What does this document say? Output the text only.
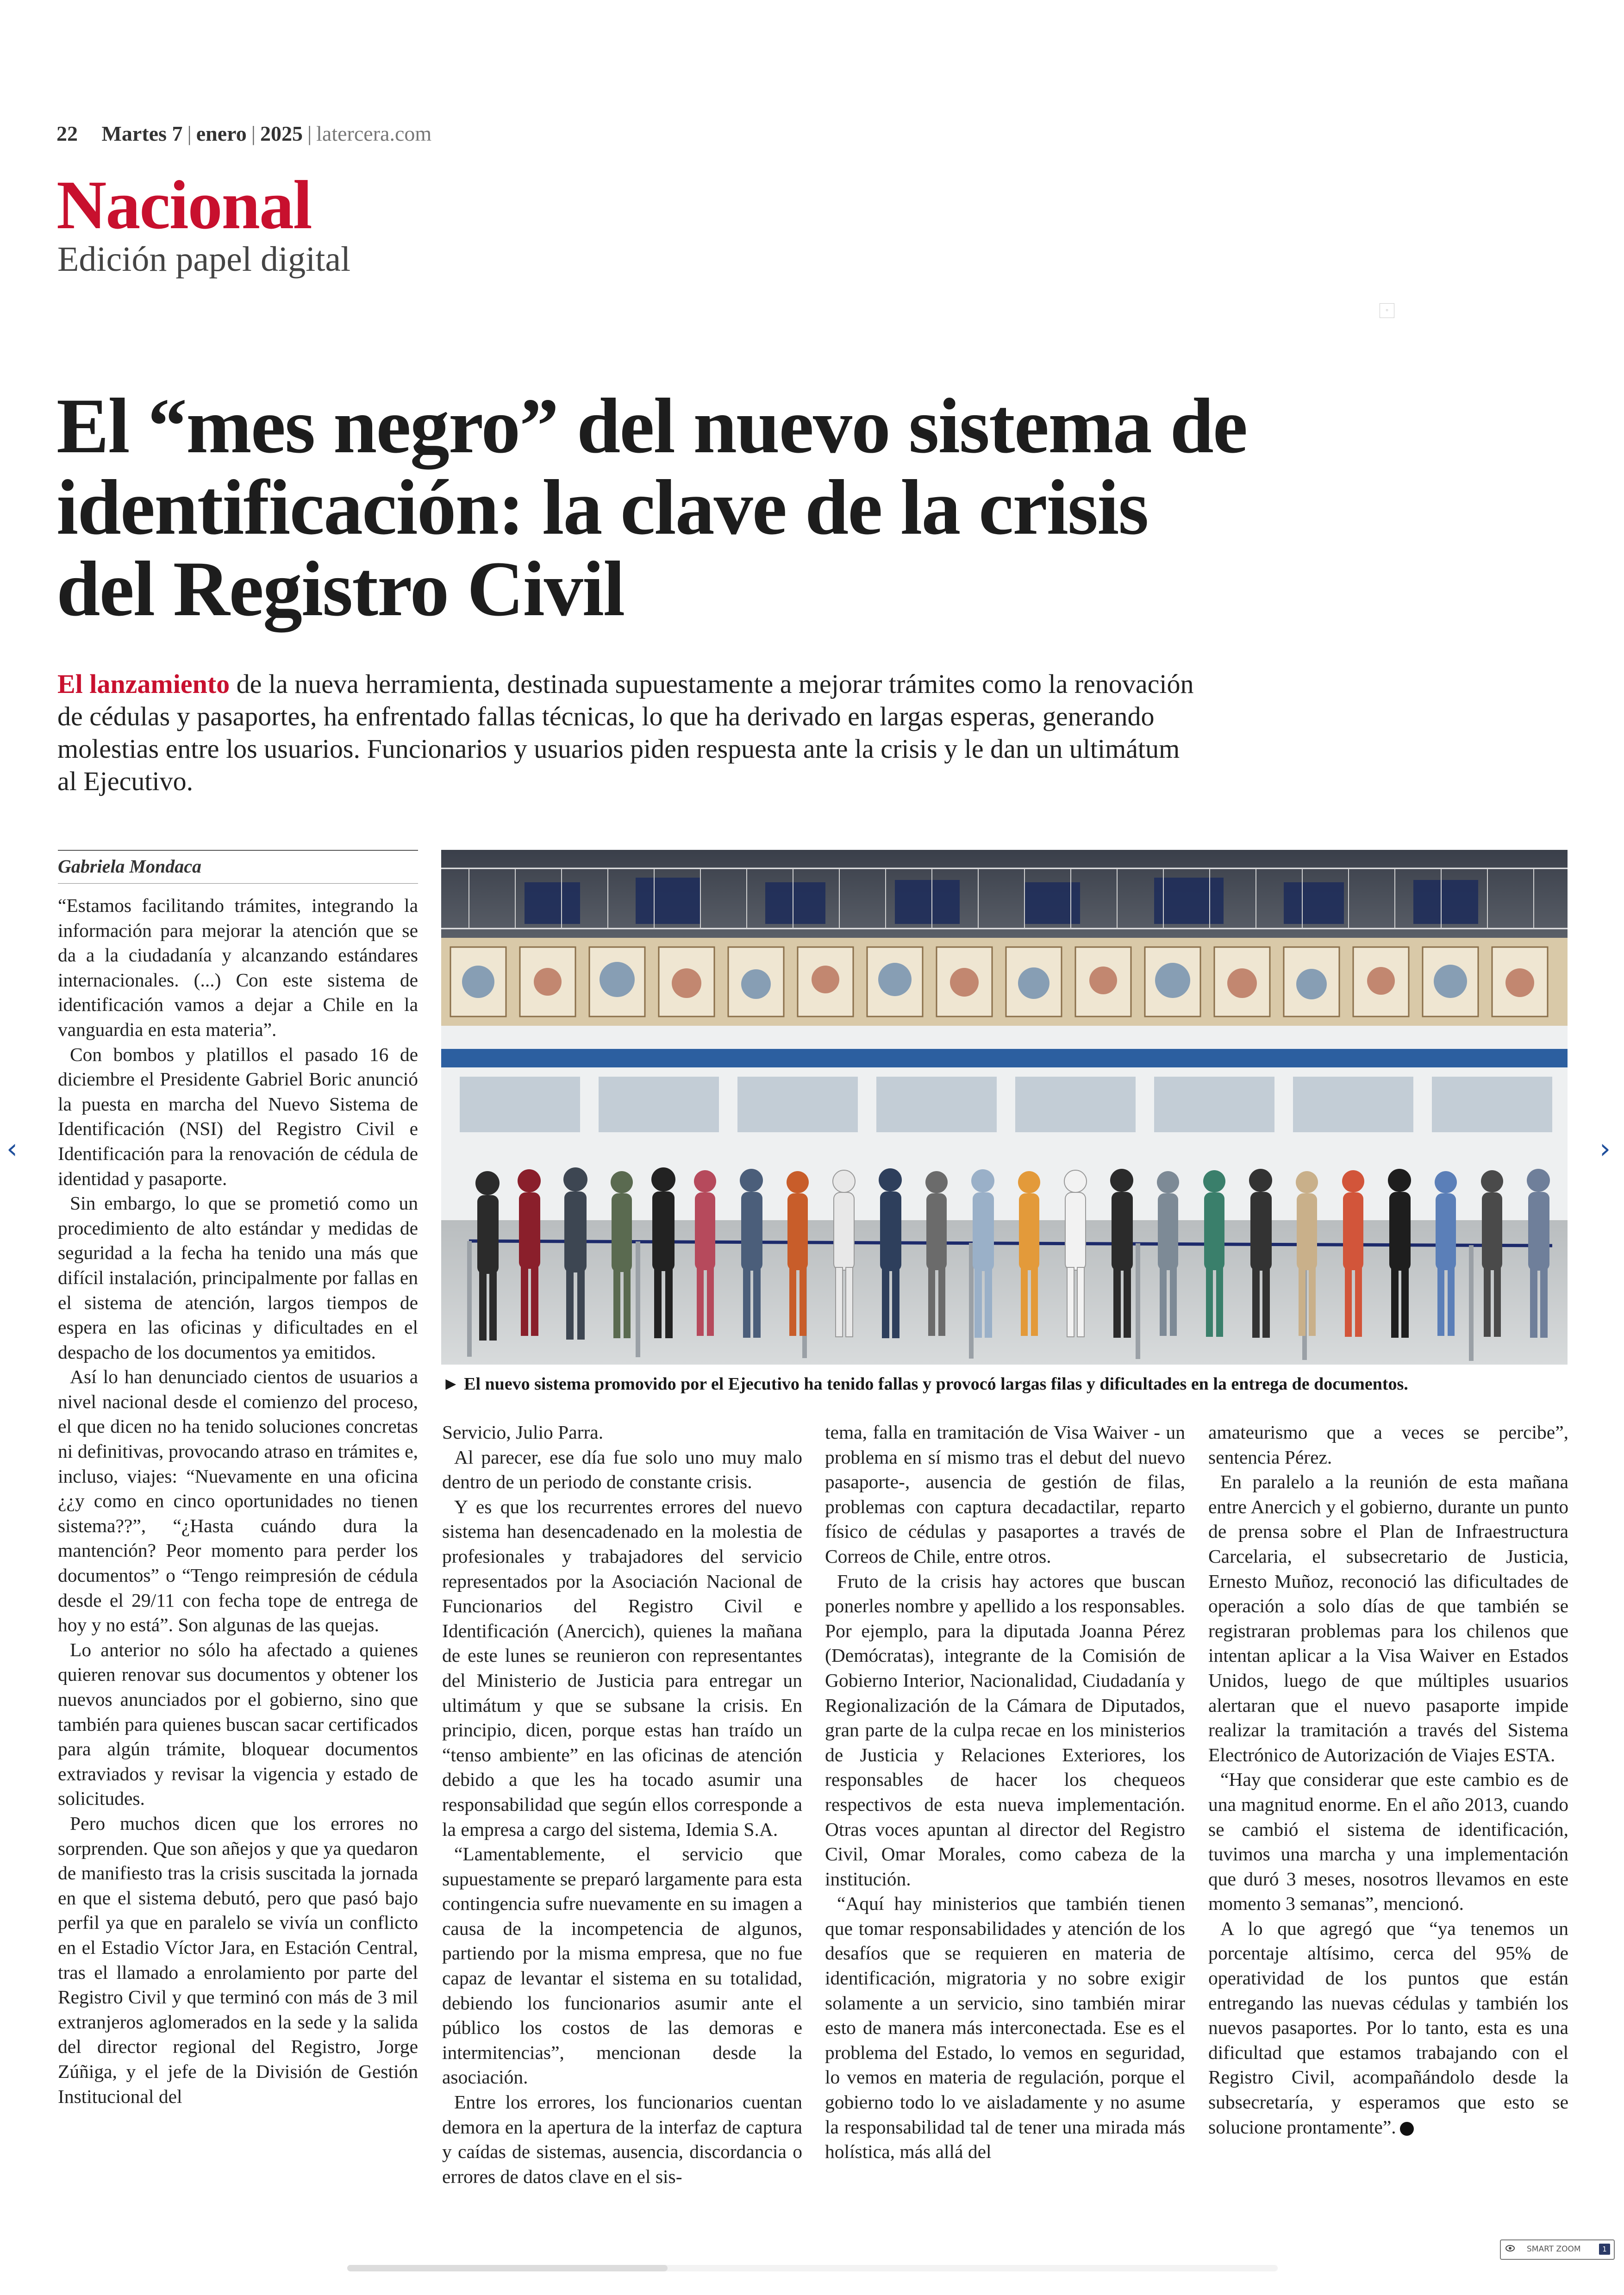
22 Martes 7 | enero | 2025 | latercera.com
Nacional
Edición papel digital
▫
El “mes negro” del nuevo sistema de identificación: la clave de la crisis del Registro Civil
El lanzamiento de la nueva herramienta, destinada supuestamente a mejorar trámites como la renovación de cédulas y pasaportes, ha enfrentado fallas técnicas, lo que ha derivado en largas esperas, generando molestias entre los usuarios. Funcionarios y usuarios piden respuesta ante la crisis y le dan un ultimátum al Ejecutivo.
Gabriela Mondaca

“Estamos facilitando trámites, integrando la información para mejorar la atención que se da a la ciudadanía y alcanzando estándares internacionales. (...) Con este sistema de identificación vamos a dejar a Chile en la vanguardia en esta materia”.

Con bombos y platillos el pasado 16 de diciembre el Presidente Gabriel Boric anunció la puesta en marcha del Nuevo Sistema de Identificación (NSI) del Registro Civil e Identificación para la renovación de cédula de identidad y pasaporte.

Sin embargo, lo que se prometió como un procedimiento de alto estándar y medidas de seguridad a la fecha ha tenido una más que difícil instalación, principalmente por fallas en el sistema de atención, largos tiempos de espera en las oficinas y dificultades en el despacho de los documentos ya emitidos.

Así lo han denunciado cientos de usuarios a nivel nacional desde el comienzo del proceso, el que dicen no ha tenido soluciones concretas ni definitivas, provocando atraso en trámites e, incluso, viajes: “Nuevamente en una oficina ¿¿y como en cinco oportunidades no tienen sistema??”, “¿Hasta cuándo dura la mantención? Peor momento para perder los documentos” o “Tengo reimpresión de cédula desde el 29/11 con fecha tope de entrega de hoy y no está”. Son algunas de las quejas.

Lo anterior no sólo ha afectado a quienes quieren renovar sus documentos y obtener los nuevos anunciados por el gobierno, sino que también para quienes buscan sacar certificados para algún trámite, bloquear documentos extraviados y revisar la vigencia y estado de solicitudes.

Pero muchos dicen que los errores no sorprenden. Que son añejos y que ya quedaron de manifiesto tras la crisis suscitada la jornada en que el sistema debutó, pero que pasó bajo perfil ya que en paralelo se vivía un conflicto en el Estadio Víctor Jara, en Estación Central, tras el llamado a enrolamiento por parte del Registro Civil y que terminó con más de 3 mil extranjeros aglomerados en la sede y la salida del director regional del Registro, Jorge Zúñiga, y el jefe de la División de Gestión Institucional del

► El nuevo sistema promovido por el Ejecutivo ha tenido fallas y provocó largas filas y dificultades en la entrega de documentos.

Servicio, Julio Parra.

Al parecer, ese día fue solo uno muy malo dentro de un periodo de constante crisis.

Y es que los recurrentes errores del nuevo sistema han desencadenado en la molestia de profesionales y trabajadores del servicio representados por la Asociación Nacional de Funcionarios del Registro Civil e Identificación (Anercich), quienes la mañana de este lunes se reunieron con representantes del Ministerio de Justicia para entregar un ultimátum y que se subsane la crisis. En principio, dicen, porque estas han traído un “tenso ambiente” en las oficinas de atención debido a que les ha tocado asumir una responsabilidad que según ellos corresponde a la empresa a cargo del sistema, Idemia S.A.

“Lamentablemente, el servicio que supuestamente se preparó largamente para esta contingencia sufre nuevamente en su imagen a causa de la incompetencia de algunos, partiendo por la misma empresa, que no fue capaz de levantar el sistema en su totalidad, debiendo los funcionarios asumir ante el público los costos de las demoras e intermitencias”, mencionan desde la asociación.

Entre los errores, los funcionarios cuentan demora en la apertura de la interfaz de captura y caídas de sistemas, ausencia, discordancia o errores de datos clave en el sis-

tema, falla en tramitación de Visa Waiver - un problema en sí mismo tras el debut del nuevo pasaporte-, ausencia de gestión de filas, problemas con captura decadactilar, reparto físico de cédulas y pasaportes a través de Correos de Chile, entre otros.

Fruto de la crisis hay actores que buscan ponerles nombre y apellido a los responsables. Por ejemplo, para la diputada Joanna Pérez (Demócratas), integrante de la Comisión de Gobierno Interior, Nacionalidad, Ciudadanía y Regionalización de la Cámara de Diputados, gran parte de la culpa recae en los ministerios de Justicia y Relaciones Exteriores, los responsables de hacer los chequeos respectivos de esta nueva implementación. Otras voces apuntan al director del Registro Civil, Omar Morales, como cabeza de la institución.

“Aquí hay ministerios que también tienen que tomar responsabilidades y atención de los desafíos que se requieren en materia de identificación, migratoria y no sobre exigir solamente a un servicio, sino también mirar esto de manera más interconectada. Ese es el problema del Estado, lo vemos en seguridad, lo vemos en materia de regulación, porque el gobierno todo lo ve aisladamente y no asume la responsabilidad tal de tener una mirada más holística, más allá del

amateurismo que a veces se percibe”, sentencia Pérez.

En paralelo a la reunión de esta mañana entre Anercich y el gobierno, durante un punto de prensa sobre el Plan de Infraestructura Carcelaria, el subsecretario de Justicia, Ernesto Muñoz, reconoció las dificultades de operación a solo días de que también se registraran problemas para los chilenos que intentan aplicar a la Visa Waiver en Estados Unidos, luego de que múltiples usuarios alertaran que el nuevo pasaporte impide realizar la tramitación a través del Sistema Electrónico de Autorización de Viajes ESTA.

“Hay que considerar que este cambio es de una magnitud enorme. En el año 2013, cuando se cambió el sistema de identificación, tuvimos una marcha y una implementación que duró 3 meses, nosotros llevamos en este momento 3 semanas”, mencionó.

A lo que agregó que “ya tenemos un porcentaje altísimo, cerca del 95% de operatividad de los puntos que están entregando las nuevas cédulas y también los nuevos pasaportes. Por lo tanto, esta es una dificultad que estamos trabajando con el Registro Civil, acompañándolo desde la subsecretaría, y esperamos que esto se solucione prontamente”.

‹	›
SMART ZOOM	1
